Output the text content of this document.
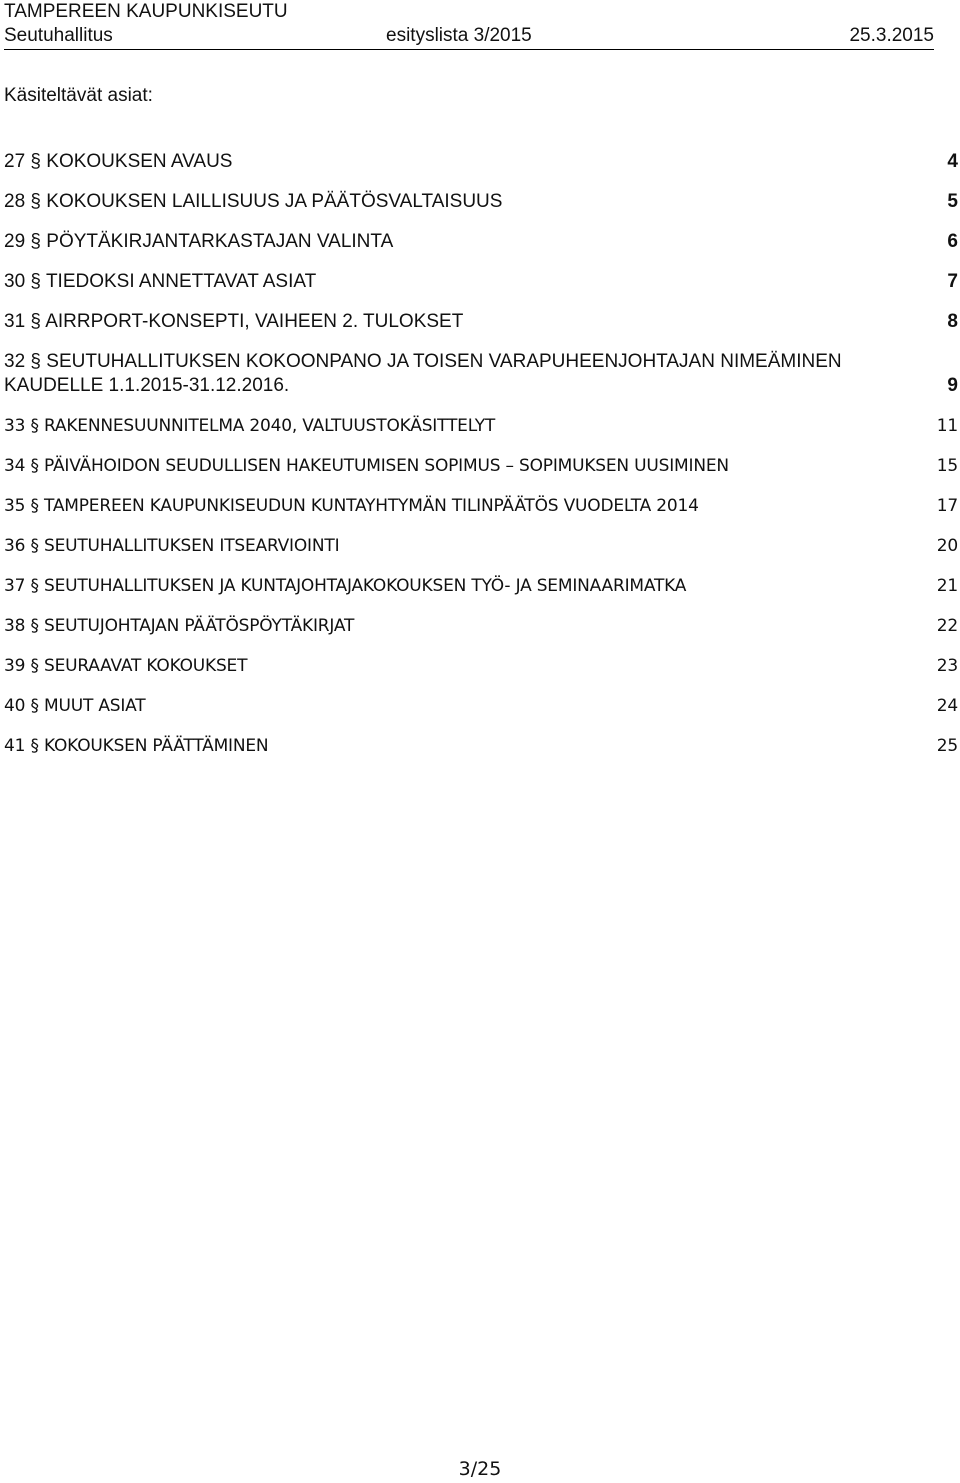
TAMPEREEN KAUPUNKISEUTU
Seutuhallitus	esityslista 3/2015	25.3.2015
Käsiteltävät asiat:
27 § KOKOUKSEN AVAUS	4
28 § KOKOUKSEN LAILLISUUS JA PÄÄTÖSVALTAISUUS	5
29 § PÖYTÄKIRJANTARKASTAJAN VALINTA	6
30 § TIEDOKSI ANNETTAVAT ASIAT	7
31 § AIRRPORT-KONSEPTI, VAIHEEN 2. TULOKSET	8
32 § SEUTUHALLITUKSEN KOKOONPANO JA TOISEN VARAPUHEENJOHTAJAN NIMEÄMINEN KAUDELLE 1.1.2015-31.12.2016.	9
33 § RAKENNESUUNNITELMA 2040, VALTUUSTOKÄSITTELYT	11
34 § PÄIVÄHOIDON SEUDULLISEN HAKEUTUMISEN SOPIMUS – SOPIMUKSEN UUSIMINEN	15
35 § TAMPEREEN KAUPUNKISEUDUN KUNTAYHTYMÄN TILINPÄÄTÖS VUODELTA 2014	17
36 § SEUTUHALLITUKSEN ITSEARVIOINTI	20
37 § SEUTUHALLITUKSEN JA KUNTAJOHTAJAKOKOUKSEN TYÖ- JA SEMINAARIMATKA	21
38 § SEUTUJOHTAJAN PÄÄTÖSPÖYTÄKIRJAT	22
39 § SEURAAVAT KOKOUKSET	23
40 § MUUT ASIAT	24
41 § KOKOUKSEN PÄÄTTÄMINEN	25
3/25
